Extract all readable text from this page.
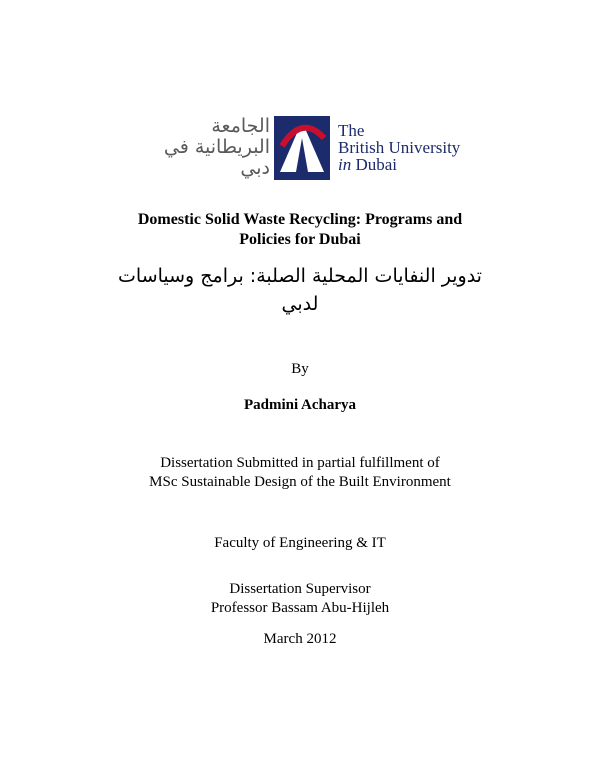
الجامعة
البريطانية في
دبي
The
British University
in Dubai
Domestic Solid Waste Recycling: Programs and
Policies for Dubai
تدوير النفايات المحلية الصلبة: برامج وسياسات
لدبي
By
Padmini Acharya
Dissertation Submitted in partial fulfillment of
MSc Sustainable Design of the Built Environment
Faculty of Engineering & IT
Dissertation Supervisor
Professor Bassam Abu-Hijleh
March 2012
